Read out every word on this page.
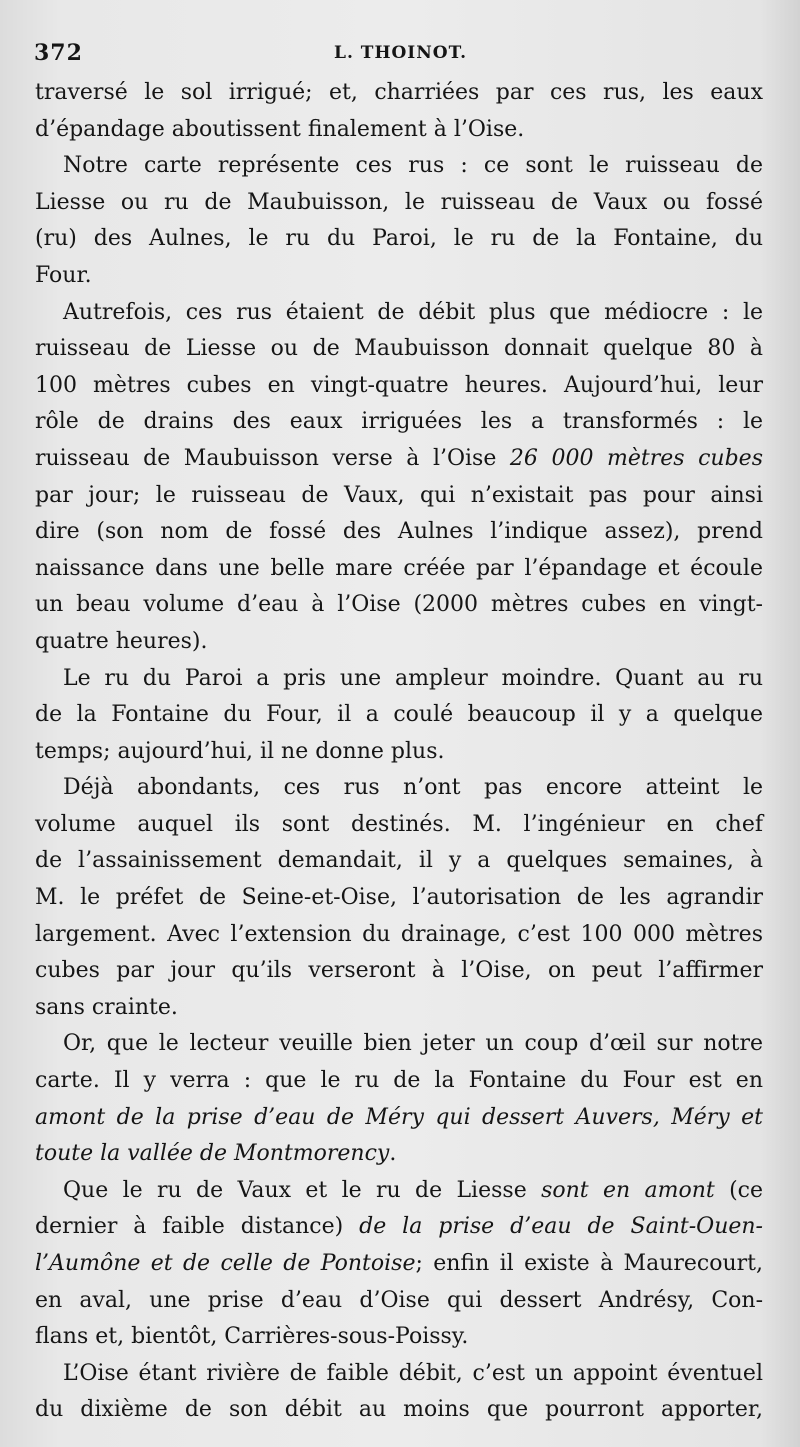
372	L. THOINOT.
traversé le sol irrigué; et, charriées par ces rus, les eaux
d’épandage aboutissent finalement à l’Oise.
Notre carte représente ces rus : ce sont le ruisseau de
Liesse ou ru de Maubuisson, le ruisseau de Vaux ou fossé
(ru) des Aulnes, le ru du Paroi, le ru de la Fontaine, du
Four.
Autrefois, ces rus étaient de débit plus que médiocre : le
ruisseau de Liesse ou de Maubuisson donnait quelque 80 à
100 mètres cubes en vingt-quatre heures. Aujourd’hui, leur
rôle de drains des eaux irriguées les a transformés : le
ruisseau de Maubuisson verse à l’Oise 26 000 mètres cubes
par jour; le ruisseau de Vaux, qui n’existait pas pour ainsi
dire (son nom de fossé des Aulnes l’indique assez), prend
naissance dans une belle mare créée par l’épandage et écoule
un beau volume d’eau à l’Oise (2000 mètres cubes en vingt-
quatre heures).
Le ru du Paroi a pris une ampleur moindre. Quant au ru
de la Fontaine du Four, il a coulé beaucoup il y a quelque
temps; aujourd’hui, il ne donne plus.
Déjà abondants, ces rus n’ont pas encore atteint le
volume auquel ils sont destinés. M. l’ingénieur en chef
de l’assainissement demandait, il y a quelques semaines, à
M. le préfet de Seine-et-Oise, l’autorisation de les agrandir
largement. Avec l’extension du drainage, c’est 100 000 mètres
cubes par jour qu’ils verseront à l’Oise, on peut l’affirmer
sans crainte.
Or, que le lecteur veuille bien jeter un coup d’œil sur notre
carte. Il y verra : que le ru de la Fontaine du Four est en
amont de la prise d’eau de Méry qui dessert Auvers, Méry et
toute la vallée de Montmorency.
Que le ru de Vaux et le ru de Liesse sont en amont (ce
dernier à faible distance) de la prise d’eau de Saint-Ouen-
l’Aumône et de celle de Pontoise; enfin il existe à Maurecourt,
en aval, une prise d’eau d’Oise qui dessert Andrésy, Con-
flans et, bientôt, Carrières-sous-Poissy.
L’Oise étant rivière de faible débit, c’est un appoint éventuel
du dixième de son débit au moins que pourront apporter,
